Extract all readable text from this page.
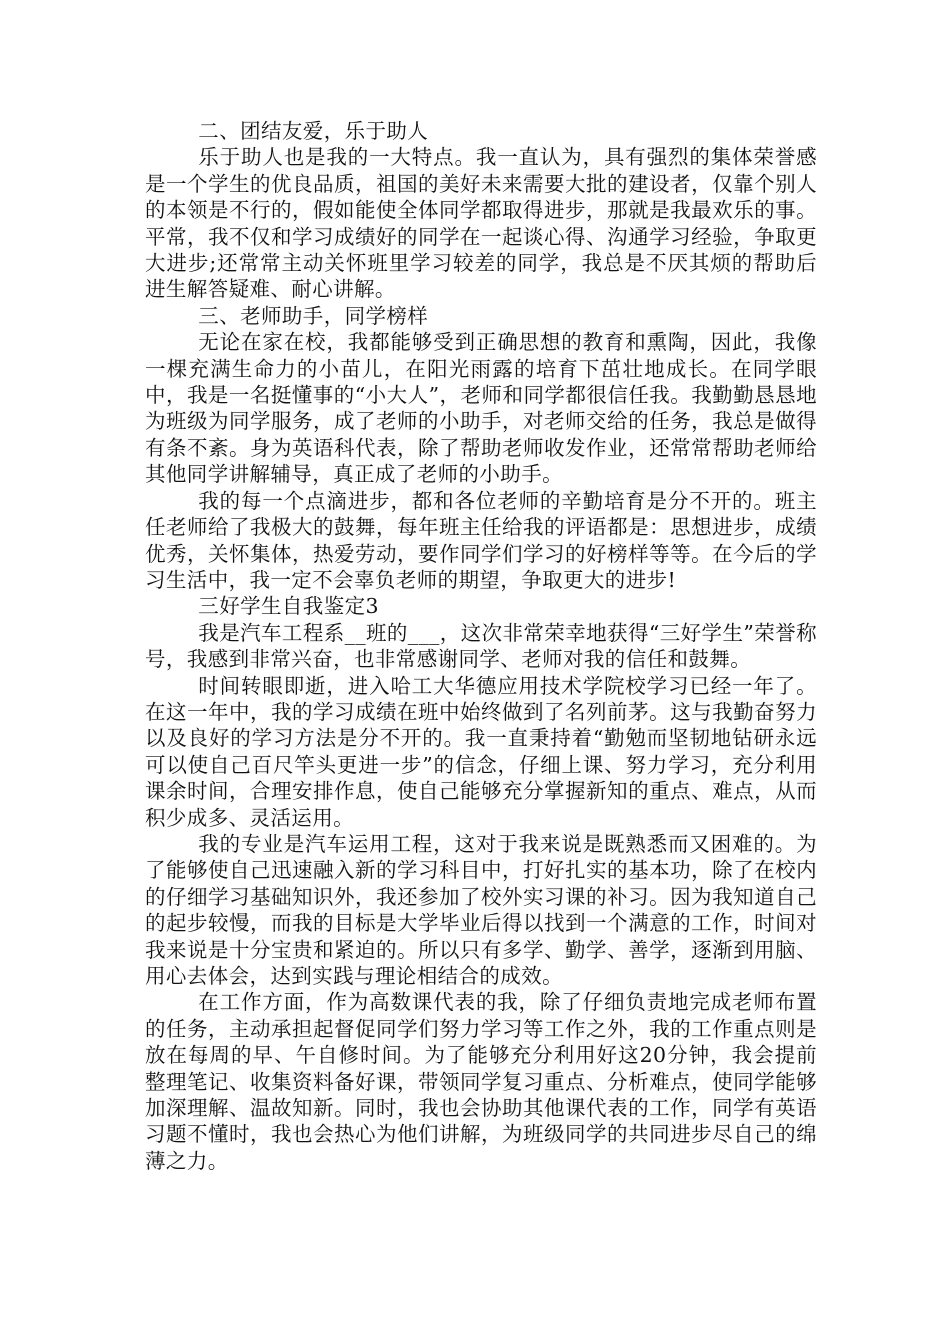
二、团结友爱，乐于助人

乐于助人也是我的一大特点。我一直认为，具有强烈的集体荣誉感是一个学生的优良品质，祖国的美好未来需要大批的建设者，仅靠个别人的本领是不行的，假如能使全体同学都取得进步，那就是我最欢乐的事。平常，我不仅和学习成绩好的同学在一起谈心得、沟通学习经验，争取更大进步;还常常主动关怀班里学习较差的同学，我总是不厌其烦的帮助后进生解答疑难、耐心讲解。

三、老师助手，同学榜样

无论在家在校，我都能够受到正确思想的教育和熏陶，因此，我像一棵充满生命力的小苗儿，在阳光雨露的培育下茁壮地成长。在同学眼中，我是一名挺懂事的“小大人”，老师和同学都很信任我。我勤勤恳恳地为班级为同学服务，成了老师的小助手，对老师交给的任务，我总是做得有条不紊。身为英语科代表，除了帮助老师收发作业，还常常帮助老师给其他同学讲解辅导，真正成了老师的小助手。

我的每一个点滴进步，都和各位老师的辛勤培育是分不开的。班主任老师给了我极大的鼓舞，每年班主任给我的评语都是：思想进步，成绩优秀，关怀集体，热爱劳动，要作同学们学习的好榜样等等。在今后的学习生活中，我一定不会辜负老师的期望，争取更大的进步!

三好学生自我鉴定3

我是汽车工程系__班的___，这次非常荣幸地获得“三好学生”荣誉称号，我感到非常兴奋，也非常感谢同学、老师对我的信任和鼓舞。

时间转眼即逝，进入哈工大华德应用技术学院校学习已经一年了。在这一年中，我的学习成绩在班中始终做到了名列前茅。这与我勤奋努力以及良好的学习方法是分不开的。我一直秉持着“勤勉而坚韧地钻研永远可以使自己百尺竿头更进一步”的信念，仔细上课、努力学习，充分利用课余时间，合理安排作息，使自己能够充分掌握新知的重点、难点，从而积少成多、灵活运用。

我的专业是汽车运用工程，这对于我来说是既熟悉而又困难的。为了能够使自己迅速融入新的学习科目中，打好扎实的基本功，除了在校内的仔细学习基础知识外，我还参加了校外实习课的补习。因为我知道自己的起步较慢，而我的目标是大学毕业后得以找到一个满意的工作，时间对我来说是十分宝贵和紧迫的。所以只有多学、勤学、善学，逐渐到用脑、用心去体会，达到实践与理论相结合的成效。

在工作方面，作为高数课代表的我，除了仔细负责地完成老师布置的任务，主动承担起督促同学们努力学习等工作之外，我的工作重点则是放在每周的早、午自修时间。为了能够充分利用好这20分钟，我会提前整理笔记、收集资料备好课，带领同学复习重点、分析难点，使同学能够加深理解、温故知新。同时，我也会协助其他课代表的工作，同学有英语习题不懂时，我也会热心为他们讲解，为班级同学的共同进步尽自己的绵薄之力。
